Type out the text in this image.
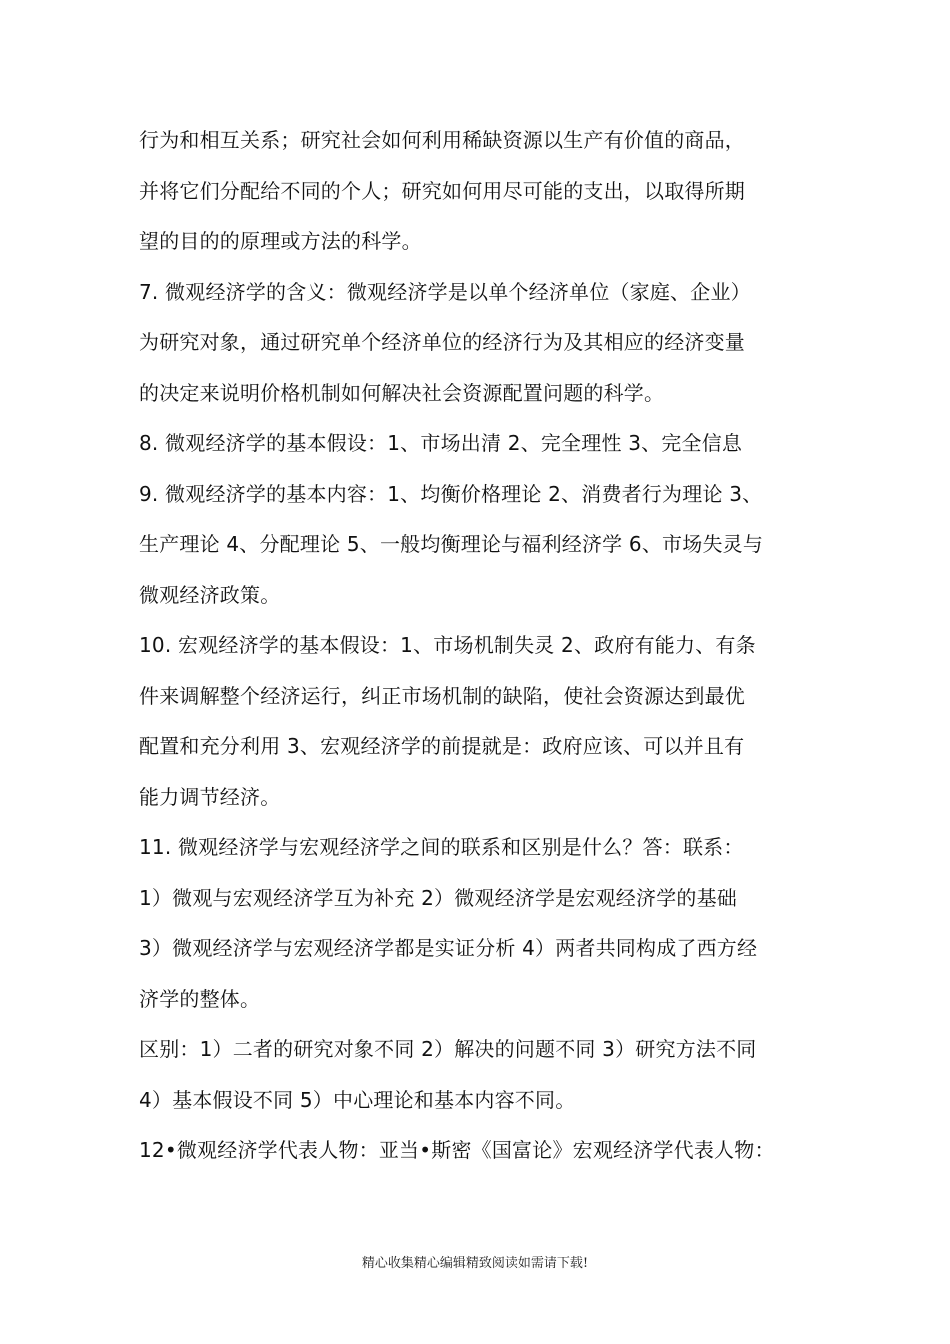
行为和相互关系；研究社会如何利用稀缺资源以生产有价值的商品，
并将它们分配给不同的个人；研究如何用尽可能的支出，以取得所期
望的目的的原理或方法的科学。
7. 微观经济学的含义：微观经济学是以单个经济单位（家庭、企业）
为研究对象，通过研究单个经济单位的经济行为及其相应的经济变量
的决定来说明价格机制如何解决社会资源配置问题的科学。
8. 微观经济学的基本假设：1、市场出清 2、完全理性 3、完全信息
9. 微观经济学的基本内容：1、均衡价格理论 2、消费者行为理论 3、
生产理论 4、分配理论 5、一般均衡理论与福利经济学 6、市场失灵与
微观经济政策。
10. 宏观经济学的基本假设：1、市场机制失灵 2、政府有能力、有条
件来调解整个经济运行，纠正市场机制的缺陷，使社会资源达到最优
配置和充分利用 3、宏观经济学的前提就是：政府应该、可以并且有
能力调节经济。
11. 微观经济学与宏观经济学之间的联系和区别是什么？答：联系：
1）微观与宏观经济学互为补充 2）微观经济学是宏观经济学的基础
3）微观经济学与宏观经济学都是实证分析 4）两者共同构成了西方经
济学的整体。
区别：1）二者的研究对象不同 2）解决的问题不同 3）研究方法不同
4）基本假设不同 5）中心理论和基本内容不同。
12•微观经济学代表人物：亚当•斯密《国富论》宏观经济学代表人物：
精心收集精心编辑精致阅读如需请下载!
